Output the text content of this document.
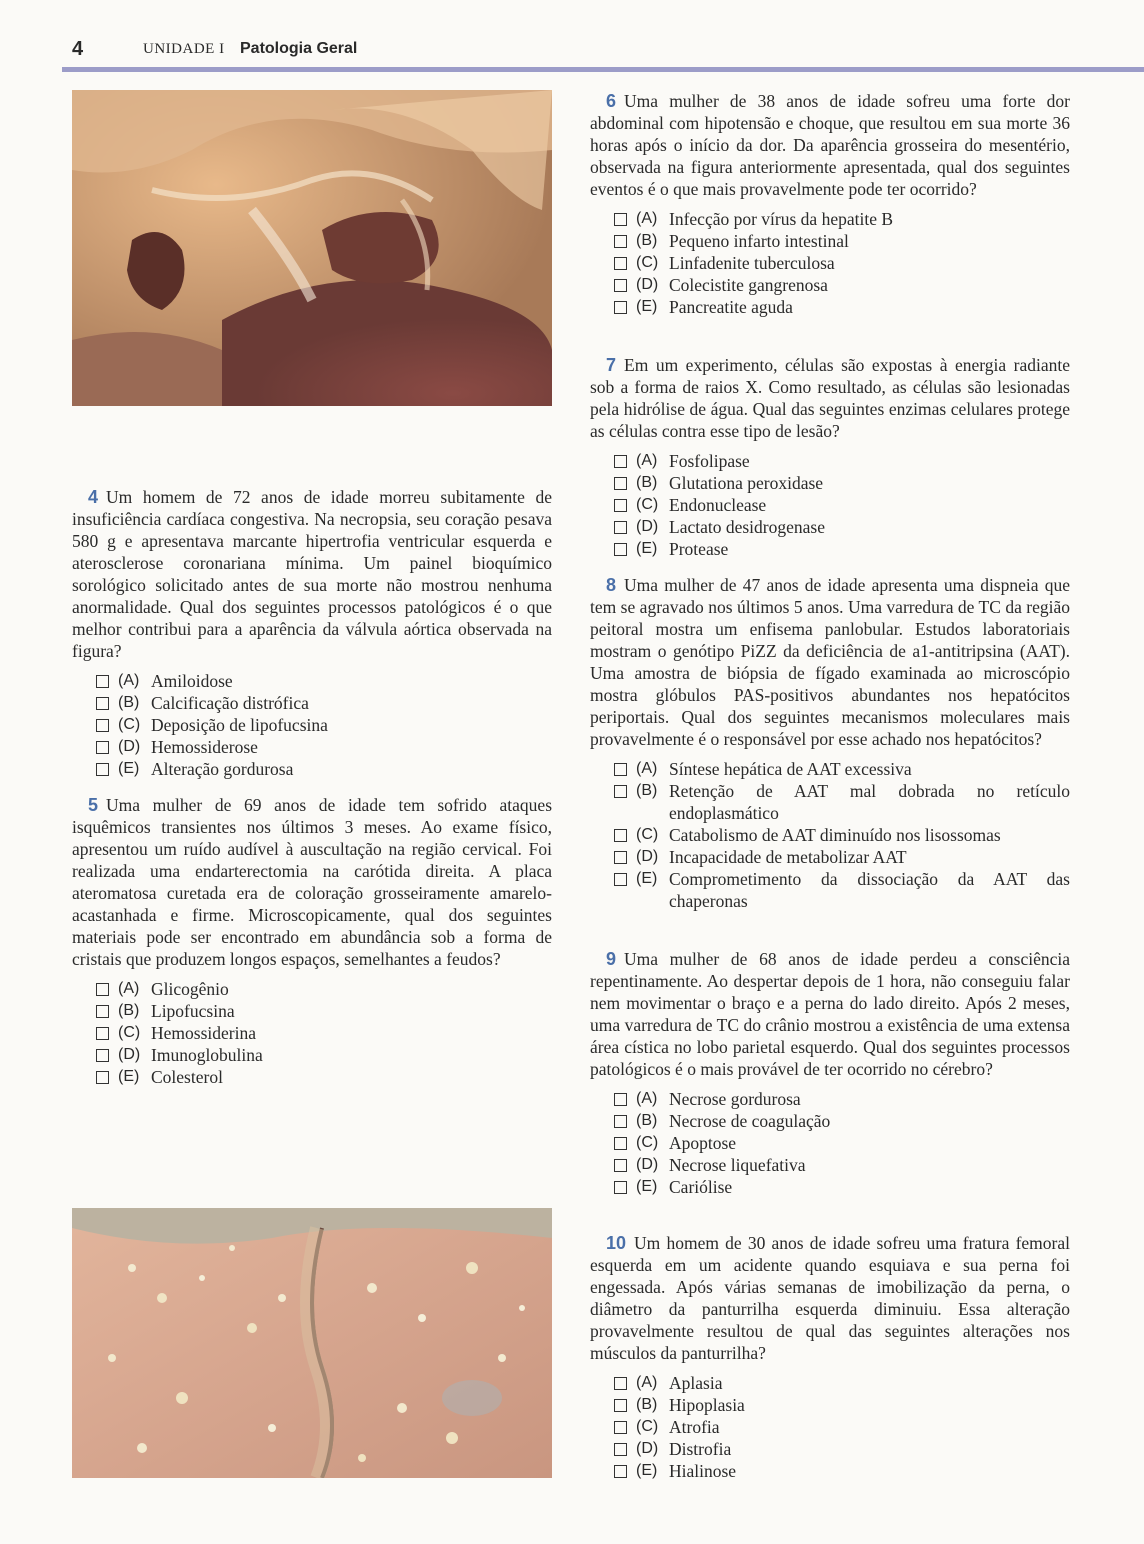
4	UNIDADE I Patologia Geral

4 Um homem de 72 anos de idade morreu subitamente de insuficiência cardíaca congestiva. Na necropsia, seu coração pesava 580 g e apresentava marcante hipertrofia ventricular esquerda e aterosclerose coronariana mínima. Um painel bioquímico sorológico solicitado antes de sua morte não mostrou nenhuma anormalidade. Qual dos seguintes processos patológicos é o que melhor contribui para a aparência da válvula aórtica observada na figura?

(A) Amiloidose
(B) Calcificação distrófica
(C) Deposição de lipofucsina
(D) Hemossiderose
(E) Alteração gordurosa

5 Uma mulher de 69 anos de idade tem sofrido ataques isquêmicos transientes nos últimos 3 meses. Ao exame físico, apresentou um ruído audível à auscultação na região cervical. Foi realizada uma endarterectomia na carótida direita. A placa ateromatosa curetada era de coloração grosseiramente amarelo-acastanhada e firme. Microscopicamente, qual dos seguintes materiais pode ser encontrado em abundância sob a forma de cristais que produzem longos espaços, semelhantes a feudos?

(A) Glicogênio
(B) Lipofucsina
(C) Hemossiderina
(D) Imunoglobulina
(E) Colesterol

6 Uma mulher de 38 anos de idade sofreu uma forte dor abdominal com hipotensão e choque, que resultou em sua morte 36 horas após o início da dor. Da aparência grosseira do mesentério, observada na figura anteriormente apresentada, qual dos seguintes eventos é o que mais provavelmente pode ter ocorrido?

(A) Infecção por vírus da hepatite B
(B) Pequeno infarto intestinal
(C) Linfadenite tuberculosa
(D) Colecistite gangrenosa
(E) Pancreatite aguda

7 Em um experimento, células são expostas à energia radiante sob a forma de raios X. Como resultado, as células são lesionadas pela hidrólise de água. Qual das seguintes enzimas celulares protege as células contra esse tipo de lesão?

(A) Fosfolipase
(B) Glutationa peroxidase
(C) Endonuclease
(D) Lactato desidrogenase
(E) Protease

8 Uma mulher de 47 anos de idade apresenta uma dispneia que tem se agravado nos últimos 5 anos. Uma varredura de TC da região peitoral mostra um enfisema panlobular. Estudos laboratoriais mostram o genótipo PiZZ da deficiência de a1-antitripsina (AAT). Uma amostra de biópsia de fígado examinada ao microscópio mostra glóbulos PAS-positivos abundantes nos hepatócitos periportais. Qual dos seguintes mecanismos moleculares mais provavelmente é o responsável por esse achado nos hepatócitos?

(A) Síntese hepática de AAT excessiva
(B) Retenção de AAT mal dobrada no retículo endoplasmático
(C) Catabolismo de AAT diminuído nos lisossomas
(D) Incapacidade de metabolizar AAT
(E) Comprometimento da dissociação da AAT das chaperonas

9 Uma mulher de 68 anos de idade perdeu a consciência repentinamente. Ao despertar depois de 1 hora, não conseguiu falar nem movimentar o braço e a perna do lado direito. Após 2 meses, uma varredura de TC do crânio mostrou a existência de uma extensa área cística no lobo parietal esquerdo. Qual dos seguintes processos patológicos é o mais provável de ter ocorrido no cérebro?

(A) Necrose gordurosa
(B) Necrose de coagulação
(C) Apoptose
(D) Necrose liquefativa
(E) Cariólise

10 Um homem de 30 anos de idade sofreu uma fratura femoral esquerda em um acidente quando esquiava e sua perna foi engessada. Após várias semanas de imobilização da perna, o diâmetro da panturrilha esquerda diminuiu. Essa alteração provavelmente resultou de qual das seguintes alterações nos músculos da panturrilha?

(A) Aplasia
(B) Hipoplasia
(C) Atrofia
(D) Distrofia
(E) Hialinose
